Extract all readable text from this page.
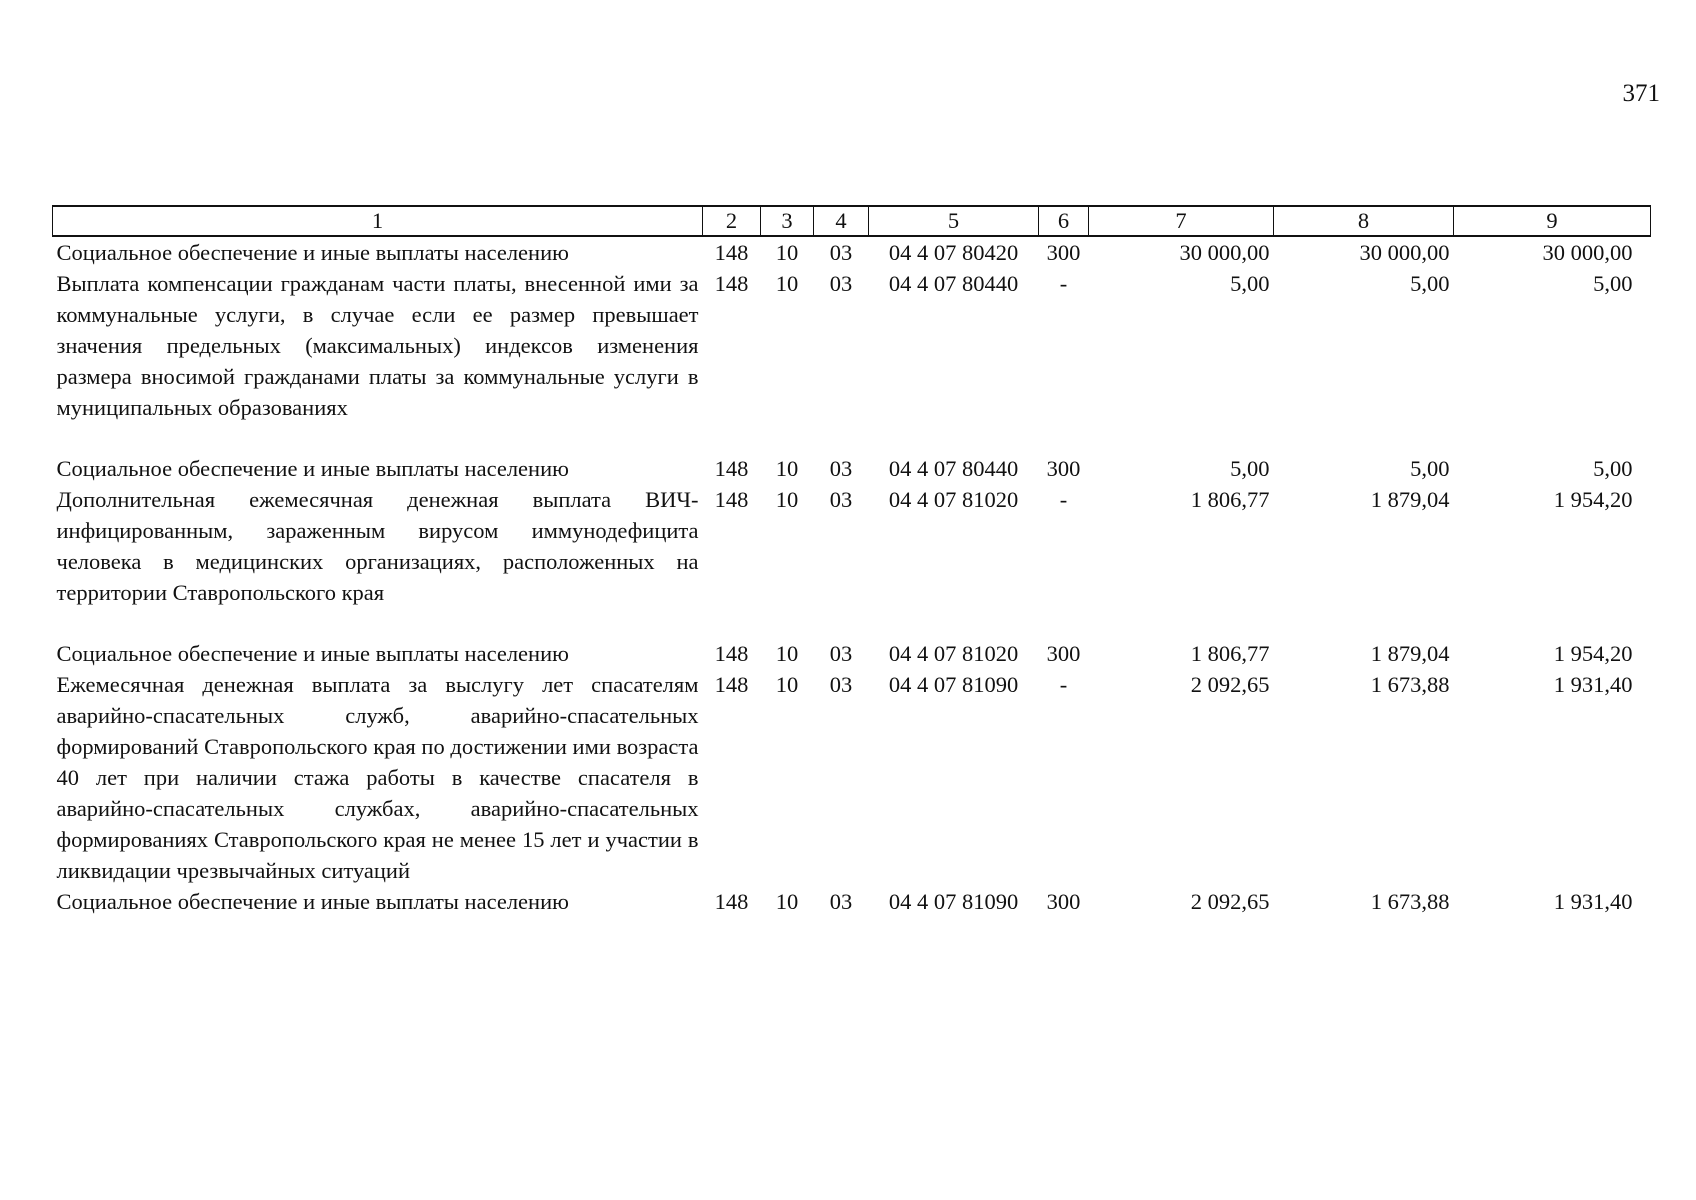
371
1	2	3	4	5	6	7	8	9
Социальное обеспечение и иные выплаты населению	148	10	03	04 4 07 80420	300	30 000,00	30 000,00	30 000,00
Выплата компенсации гражданам части платы, внесенной ими за коммунальные услуги, в случае если ее размер превышает значения предельных (максимальных) индексов изменения размера вносимой гражданами платы за коммунальные услуги в муниципальных образованиях	148	10	03	04 4 07 80440	-	5,00	5,00	5,00

Социальное обеспечение и иные выплаты населению	148	10	03	04 4 07 80440	300	5,00	5,00	5,00
Дополнительная ежемесячная денежная выплата ВИЧ-инфицированным, зараженным вирусом иммунодефицита человека в медицинских организациях, расположенных на территории Ставропольского края	148	10	03	04 4 07 81020	-	1 806,77	1 879,04	1 954,20

Социальное обеспечение и иные выплаты населению	148	10	03	04 4 07 81020	300	1 806,77	1 879,04	1 954,20
Ежемесячная денежная выплата за выслугу лет спасателям аварийно-спасательных служб, аварийно-спасательных формирований Ставропольского края по достижении ими возраста 40 лет при наличии стажа работы в качестве спасателя в аварийно-спасательных службах, аварийно-спасательных формированиях Ставропольского края не менее 15 лет и участии в ликвидации чрезвычайных ситуаций	148	10	03	04 4 07 81090	-	2 092,65	1 673,88	1 931,40
Социальное обеспечение и иные выплаты населению	148	10	03	04 4 07 81090	300	2 092,65	1 673,88	1 931,40
